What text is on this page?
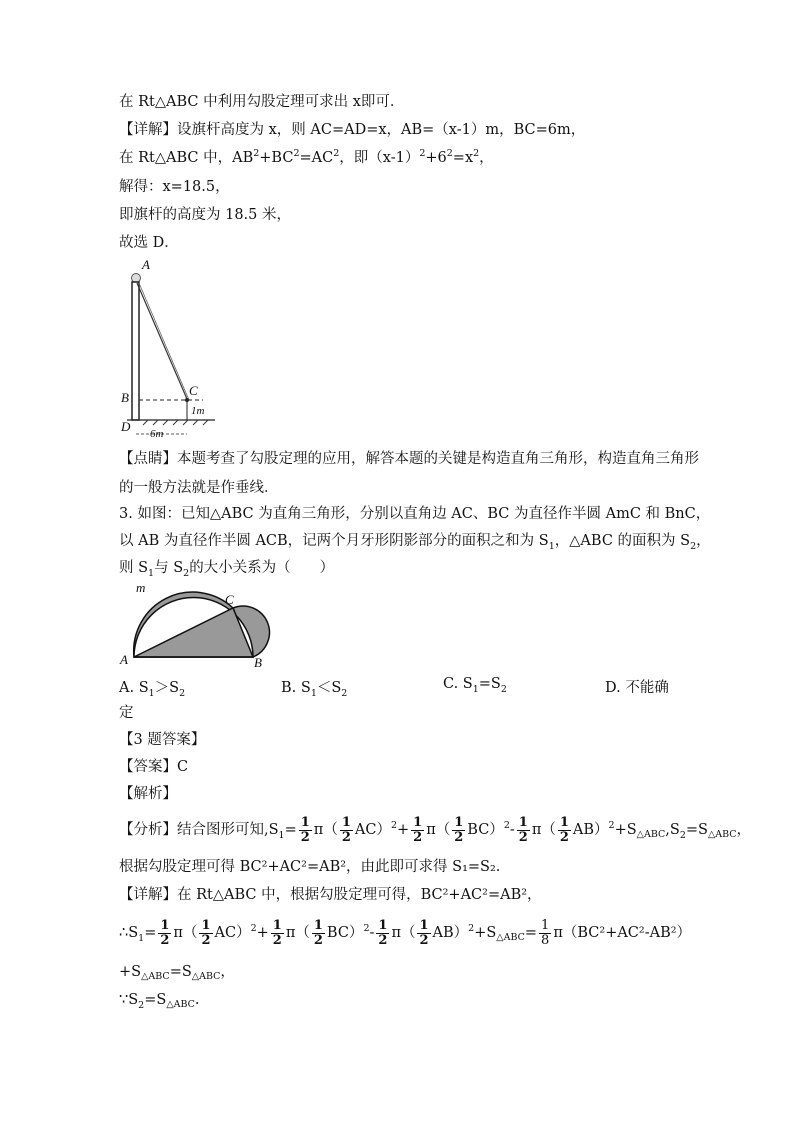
在 Rt△ABC 中利用勾股定理可求出 x即可．
【详解】设旗杆高度为 x，则 AC=AD=x，AB=（x-1）m，BC=6m，
在 Rt△ABC 中，$AB^2+BC^2=AC^2$，即$(x-1)^2+6^2=x^2$，
解得：x=18.5，
即旗杆的高度为 18.5 米，
故选 D．
A
C
B
1m
D 6m
【点睛】本题考查了勾股定理的应用，解答本题的关键是构造直角三角形，构造直角三角形
的一般方法就是作垂线．
3. 如图：已知△ABC 为直角三角形，分别以直角边 AC、BC 为直径作半圆 AmC 和 BnC，
以 AB 为直径作半圆 ACB，记两个月牙形阴影部分的面积之和为 $S_1$，△ABC 的面积为 $S_2$，
则 $S_1$与 $S_2$的大小关系为（　　）
m
C
A	B
A. $S_1>S_2$	B. $S_1<S_2$
C. $S_1=S_2$	D. 不能确
定
【3 题答案】
【答案】C
【解析】
【分析】结合图形可知$,S_1= \frac{1}{2} \pi( \frac{1}{2} AC)^2+ \frac{1}{2} \pi( \frac{1}{2} BC)^2- \frac{1}{2} \pi( \frac{1}{2} AB)^2+S_{\triangle ABC},S_2=S_{\triangle ABC}$，
根据勾股定理可得 BC²+AC²=AB²，由此即可求得 S₁=S₂.
【详解】在 Rt△ABC 中，根据勾股定理可得，BC²+AC²=AB²，
$\therefore S_1= \frac{1}{2} \pi( \frac{1}{2} AC)^2+ \frac{1}{2} \pi( \frac{1}{2} BC)^2- \frac{1}{2} \pi( \frac{1}{2} AB)^2+S_{\triangle ABC}= \frac{1}{8} \pi(BC^2+AC^2-AB^2)$
$+S_{\triangle ABC}=S_{\triangle ABC}$，
$\because S_2=S_{\triangle ABC}$.
